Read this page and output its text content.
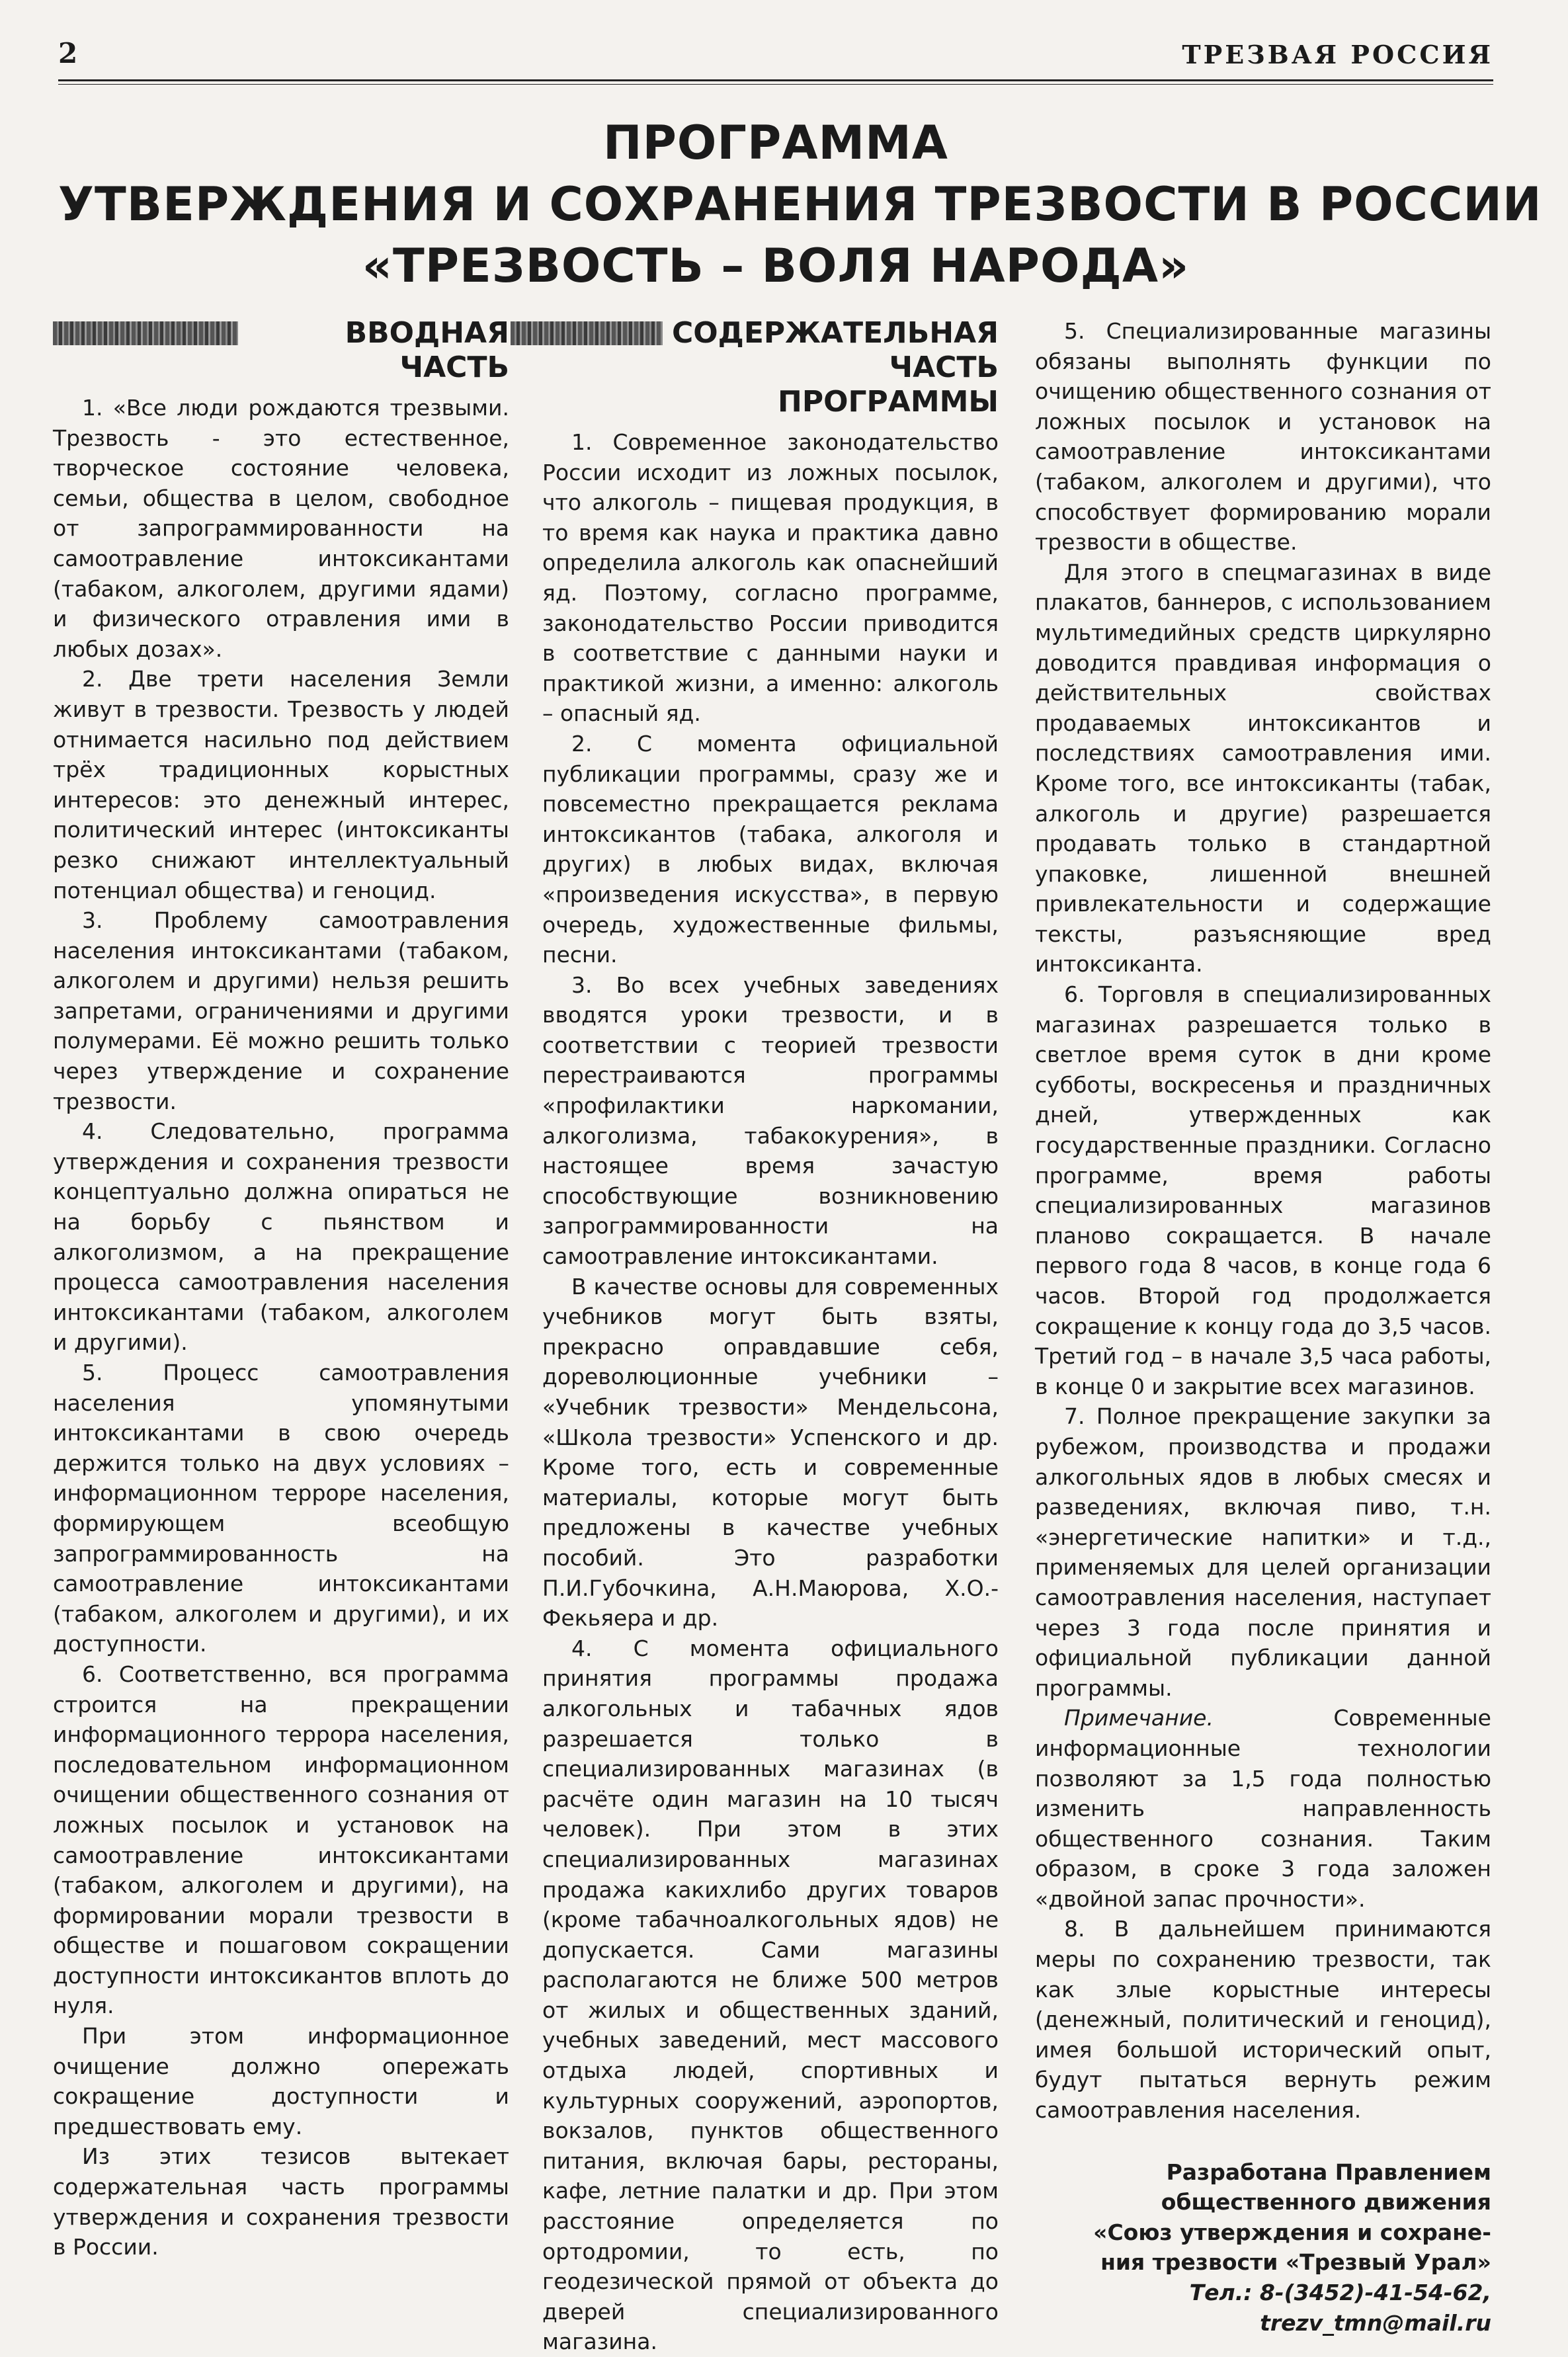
2	ТРЕЗВАЯ РОССИЯ
ПРОГРАММА
УТВЕРЖДЕНИЯ И СОХРАНЕНИЯ ТРЕЗВОСТИ В РОССИИ
«ТРЕЗВОСТЬ – ВОЛЯ НАРОДА»
ВВОДНАЯ ЧАСТЬ

1. «Все люди рождаются трезвыми. Трезвость - это естественное, творческое состояние человека, семьи, общества в целом, свободное от запрограммированности на самоотравление интоксикантами (табаком, алкоголем, другими ядами) и физического отравления ими в любых дозах».

2. Две трети населения Земли живут в трезвости. Трезвость у людей отнимается насильно под действием трёх традиционных корыстных интересов: это денежный интерес, политический интерес (интоксиканты резко снижают интеллектуальный потенциал общества) и геноцид.

3. Проблему самоотравления населения интоксикантами (табаком, алкоголем и другими) нельзя решить запретами, ограничениями и другими полумерами. Её можно решить только через утверждение и сохранение трезвости.

4. Следовательно, программа утверждения и сохранения трезвости концептуально должна опираться не на борьбу с пьянством и алкоголизмом, а на прекращение процесса самоотравления населения интоксикантами (табаком, алкоголем и другими).

5. Процесс самоотравления населения упомянутыми интоксикантами в свою очередь держится только на двух условиях – информационном терроре населения, формирующем всеобщую запрограммированность на самоотравление интоксикантами (табаком, алкоголем и другими), и их доступности.

6. Соответственно, вся программа строится на прекращении информационного террора населения, последовательном информационном очищении общественного сознания от ложных посылок и установок на самоотравление интоксикантами (табаком, алкоголем и другими), на формировании морали трезвости в обществе и пошаговом сокращении доступности интоксикантов вплоть до нуля.

При этом информационное очищение должно опережать сокращение доступности и предшествовать ему.

Из этих тезисов вытекает содержательная часть программы утверждения и сохранения трезвости в России.

СОДЕРЖАТЕЛЬНАЯ
ЧАСТЬ ПРОГРАММЫ

1. Современное законодательство России исходит из ложных посылок, что алкоголь – пищевая продукция, в то время как наука и практика давно определила алкоголь как опаснейший яд. Поэтому, согласно программе, законодательство России приводится в соответствие с данными науки и практикой жизни, а именно: алкоголь – опасный яд.

2. С момента официальной публикации программы, сразу же и повсеместно прекращается реклама интоксикантов (табака, алкоголя и других) в любых видах, включая «произведения искусства», в первую очередь, художественные фильмы, песни.

3. Во всех учебных заведениях вводятся уроки трезвости, и в соответствии с теорией трезвости перестраиваются программы «профилактики наркомании, алкоголизма, табакокурения», в настоящее время зачастую способствующие возникновению запрограммированности на самоотравление интоксикантами.

В качестве основы для современных учебников могут быть взяты, прекрасно оправдавшие себя, дореволюционные учебники – «Учебник трезвости» Мендельсона, «Школа трезвости» Успенского и др. Кроме того, есть и современные материалы, которые могут быть предложены в качестве учебных пособий. Это разработки П.И.Губочкина, А.Н.Маюрова, Х.О.-Фекьяера и др.

4. С момента официального принятия программы продажа алкогольных и табачных ядов разрешается только в специализированных магазинах (в расчёте один магазин на 10 тысяч человек). При этом в этих специализированных магазинах продажа какихлибо других товаров (кроме табачноалкогольных ядов) не допускается. Сами магазины располагаются не ближе 500 метров от жилых и общественных зданий, учебных заведений, мест массового отдыха людей, спортивных и культурных сооружений, аэропортов, вокзалов, пунктов общественного питания, включая бары, рестораны, кафе, летние палатки и др. При этом расстояние определяется по ортодромии, то есть, по геодезической прямой от объекта до дверей специализированного магазина.

5. Специализированные магазины обязаны выполнять функции по очищению общественного сознания от ложных посылок и установок на самоотравление интоксикантами (табаком, алкоголем и другими), что способствует формированию морали трезвости в обществе.

Для этого в спецмагазинах в виде плакатов, баннеров, с использованием мультимедийных средств циркулярно доводится правдивая информация о действительных свойствах продаваемых интоксикантов и последствиях самоотравления ими. Кроме того, все интоксиканты (табак, алкоголь и другие) разрешается продавать только в стандартной упаковке, лишенной внешней привлекательности и содержащие тексты, разъясняющие вред интоксиканта.

6. Торговля в специализированных магазинах разрешается только в светлое время суток в дни кроме субботы, воскресенья и праздничных дней, утвержденных как государственные праздники. Согласно программе, время работы специализированных магазинов планово сокращается. В начале первого года 8 часов, в конце года 6 часов. Второй год продолжается сокращение к концу года до 3,5 часов. Третий год – в начале 3,5 часа работы, в конце 0 и закрытие всех магазинов.

7. Полное прекращение закупки за рубежом, производства и продажи алкогольных ядов в любых смесях и разведениях, включая пиво, т.н. «энергетические напитки» и т.д., применяемых для целей организации самоотравления населения, наступает через 3 года после принятия и официальной публикации данной программы.

Примечание. Современные информационные технологии позволяют за 1,5 года полностью изменить направленность общественного сознания. Таким образом, в сроке 3 года заложен «двойной запас прочности».

8. В дальнейшем принимаются меры по сохранению трезвости, так как злые корыстные интересы (денежный, политический и геноцид), имея большой исторический опыт, будут пытаться вернуть режим самоотравления населения.

Разработана Правлением
общественного движения
«Союз утверждения и сохране-
ния трезвости «Трезвый Урал»
Тел.: 8-(3452)-41-54-62,
trezv_tmn@mail.ru
